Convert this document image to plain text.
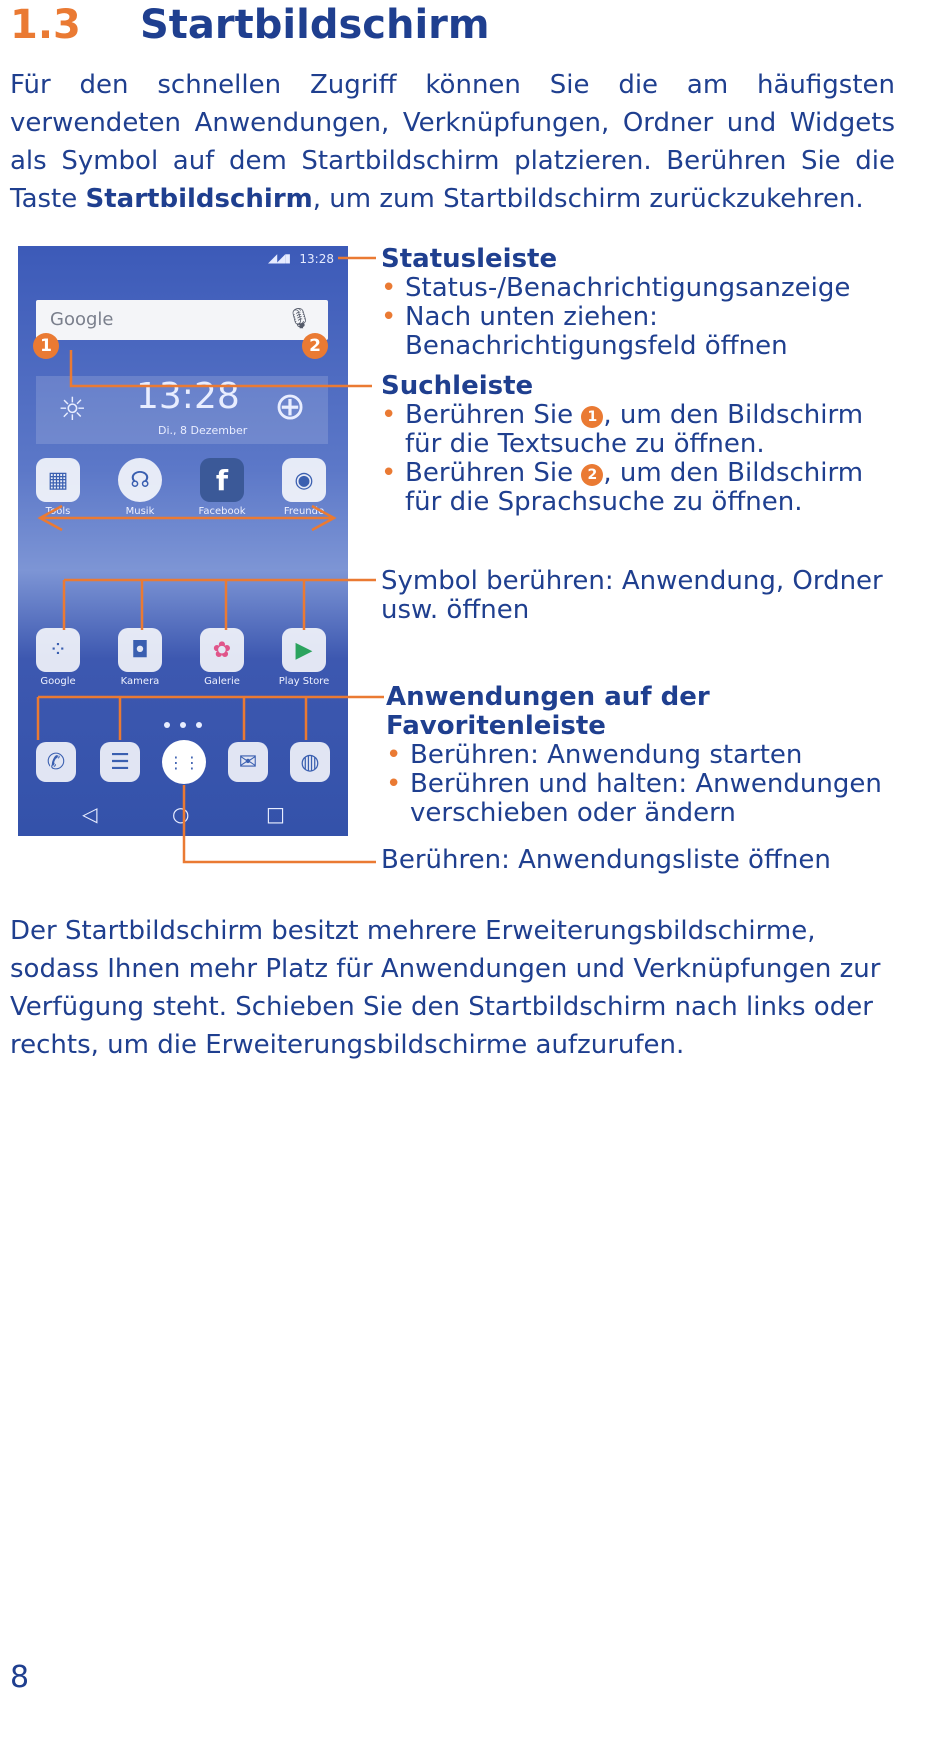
1.3 Startbildschirm
Für den schnellen Zugriff können Sie die am häufigsten verwendeten Anwendungen, Verknüpfungen, Ordner und Widgets als Symbol auf dem Startbildschirm platzieren. Berühren Sie die Taste Startbildschirm, um zum Startbildschirm zurückzukehren.
◢◢▮ 13:28
Google	🎙︎
☼ 13:28
Di., 8 Dezember
⊕
▦	☊ f	◉
Tools	Musik	Facebook	Freunde
⁘	◘	✿	▶
Google	Kamera	Galerie	Play Store
✆ ☰ ⋮⋮ ✉ ◍
◁	○	□
1	2
Statusleiste
• Status-/Benachrichtigungsanzeige
• Nach unten ziehen:
Benachrichtigungsfeld öffnen
Suchleiste
• Berühren Sie 1 , um den Bildschirm
für die Textsuche zu öffnen.
• Berühren Sie 2 , um den Bildschirm
für die Sprachsuche zu öffnen.
Symbol berühren: Anwendung, Ordner
usw. öffnen
Anwendungen auf der
Favoritenleiste
• Berühren: Anwendung starten
• Berühren und halten: Anwendungen
verschieben oder ändern
Berühren: Anwendungsliste öffnen
Der Startbildschirm besitzt mehrere Erweiterungsbildschirme, sodass Ihnen mehr Platz für Anwendungen und Verknüpfungen zur Verfügung steht. Schieben Sie den Startbildschirm nach links oder rechts, um die Erweiterungsbildschirme aufzurufen.
8
